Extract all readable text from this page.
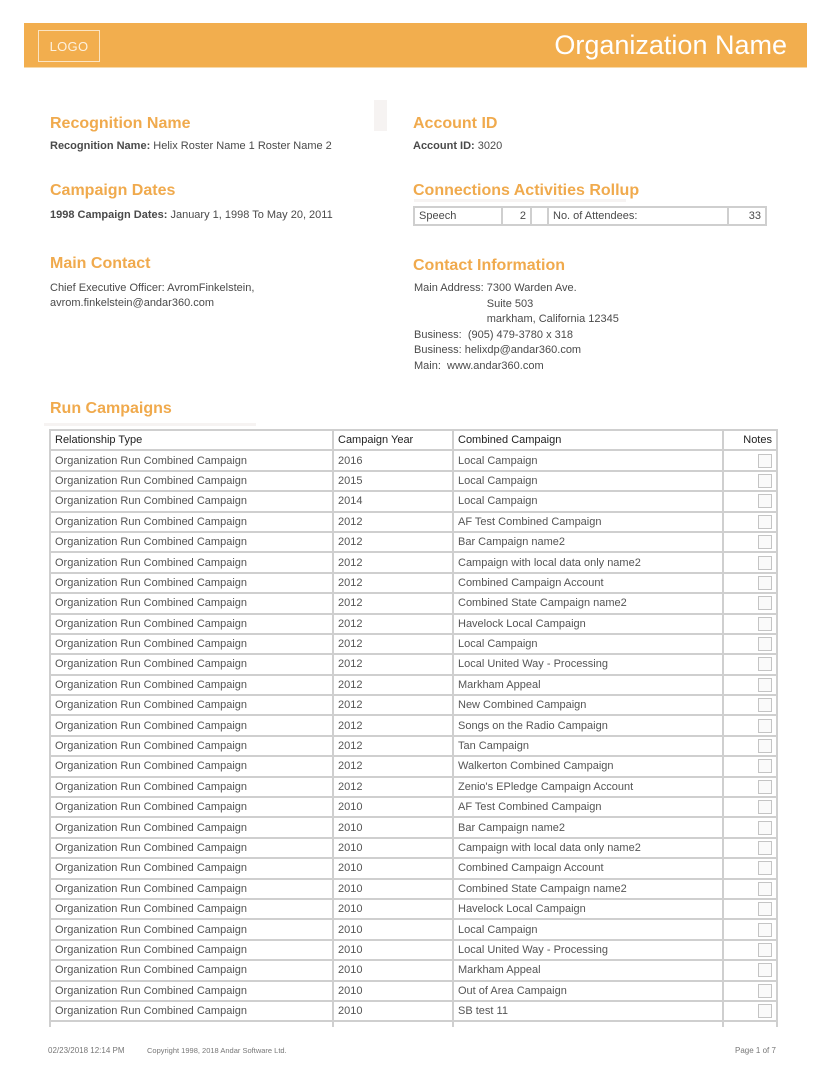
LOGO	Organization Name
Recognition Name
Recognition Name: Helix Roster Name 1 Roster Name 2
Account ID
Account ID: 3020
Campaign Dates
1998 Campaign Dates: January 1, 1998 To May 20, 2011
Connections Activities Rollup
Speech	2	No. of Attendees:	33
Main Contact
Chief Executive Officer: AvromFinkelstein,
avrom.finkelstein@andar360.com
Contact Information
Main Address: 7300 Warden Ave.
Suite 503
markham, California 12345
Business: (905) 479-3780 x 318
Business: helixdp@andar360.com
Main: www.andar360.com
Run Campaigns
Relationship Type	Campaign Year	Combined Campaign	Notes
Organization Run Combined Campaign	2016	Local Campaign	
Organization Run Combined Campaign	2015	Local Campaign	
Organization Run Combined Campaign	2014	Local Campaign	
Organization Run Combined Campaign	2012	AF Test Combined Campaign	
Organization Run Combined Campaign	2012	Bar Campaign name2	
Organization Run Combined Campaign	2012	Campaign with local data only name2	
Organization Run Combined Campaign	2012	Combined Campaign Account	
Organization Run Combined Campaign	2012	Combined State Campaign name2	
Organization Run Combined Campaign	2012	Havelock Local Campaign	
Organization Run Combined Campaign	2012	Local Campaign	
Organization Run Combined Campaign	2012	Local United Way - Processing	
Organization Run Combined Campaign	2012	Markham Appeal	
Organization Run Combined Campaign	2012	New Combined Campaign	
Organization Run Combined Campaign	2012	Songs on the Radio Campaign	
Organization Run Combined Campaign	2012	Tan Campaign	
Organization Run Combined Campaign	2012	Walkerton Combined Campaign	
Organization Run Combined Campaign	2012	Zenio's EPledge Campaign Account	
Organization Run Combined Campaign	2010	AF Test Combined Campaign	
Organization Run Combined Campaign	2010	Bar Campaign name2	
Organization Run Combined Campaign	2010	Campaign with local data only name2	
Organization Run Combined Campaign	2010	Combined Campaign Account	
Organization Run Combined Campaign	2010	Combined State Campaign name2	
Organization Run Combined Campaign	2010	Havelock Local Campaign	
Organization Run Combined Campaign	2010	Local Campaign	
Organization Run Combined Campaign	2010	Local United Way - Processing	
Organization Run Combined Campaign	2010	Markham Appeal	
Organization Run Combined Campaign	2010	Out of Area Campaign	
Organization Run Combined Campaign	2010	SB test 11	

02/23/2018 12:14 PM	Copyright 1998, 2018 Andar Software Ltd.	Page 1 of 7
